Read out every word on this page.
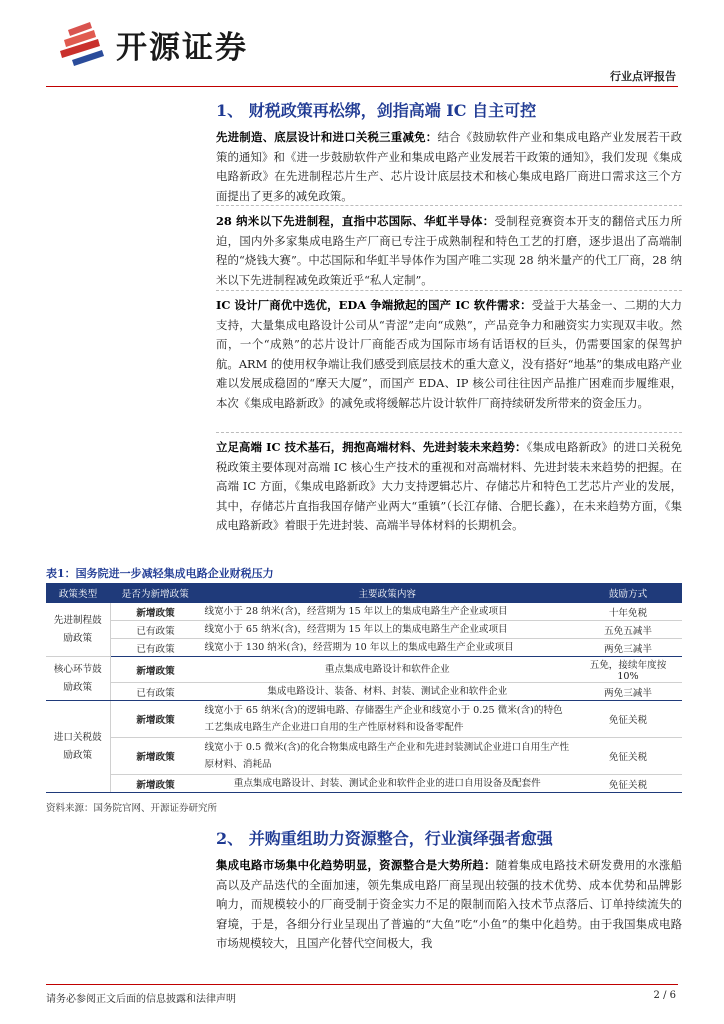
开源证券
行业点评报告
1、 财税政策再松绑，剑指高端 IC 自主可控
先进制造、底层设计和进口关税三重减免：结合《鼓励软件产业和集成电路产业发展若干政策的通知》和《进一步鼓励软件产业和集成电路产业发展若干政策的通知》，我们发现《集成电路新政》在先进制程芯片生产、芯片设计底层技术和核心集成电路厂商进口需求这三个方面提出了更多的减免政策。
28 纳米以下先进制程，直指中芯国际、华虹半导体：受制程竞赛资本开支的翻倍式压力所迫，国内外多家集成电路生产厂商已专注于成熟制程和特色工艺的打磨，逐步退出了高端制程的“烧钱大赛”。中芯国际和华虹半导体作为国产唯二实现 28 纳米量产的代工厂商，28 纳米以下先进制程减免政策近乎“私人定制”。
IC 设计厂商优中选优，EDA 争端掀起的国产 IC 软件需求：受益于大基金一、二期的大力支持，大量集成电路设计公司从“青涩”走向“成熟”，产品竞争力和融资实力实现双丰收。然而，一个“成熟”的芯片设计厂商能否成为国际市场有话语权的巨头，仍需要国家的保驾护航。ARM 的使用权争端让我们感受到底层技术的重大意义，没有搭好“地基”的集成电路产业难以发展成稳固的“摩天大厦”，而国产 EDA、IP 核公司往往因产品推广困难而步履维艰，本次《集成电路新政》的减免或将缓解芯片设计软件厂商持续研发所带来的资金压力。
立足高端 IC 技术基石，拥抱高端材料、先进封装未来趋势：《集成电路新政》的进口关税免税政策主要体现对高端 IC 核心生产技术的重视和对高端材料、先进封装未来趋势的把握。在高端 IC 方面，《集成电路新政》大力支持逻辑芯片、存储芯片和特色工艺芯片产业的发展，其中，存储芯片直指我国存储产业两大“重镇”（长江存储、合肥长鑫），在未来趋势方面，《集成电路新政》着眼于先进封装、高端半导体材料的长期机会。
表1：国务院进一步减轻集成电路企业财税压力
政策类型	是否为新增政策	主要政策内容	鼓励方式
先进制程鼓励政策	新增政策	线宽小于 28 纳米(含)，经营期为 15 年以上的集成电路生产企业或项目	十年免税
	已有政策	线宽小于 65 纳米(含)，经营期为 15 年以上的集成电路生产企业或项目	五免五减半
	已有政策	线宽小于 130 纳米(含)，经营期为 10 年以上的集成电路生产企业或项目	两免三减半
核心环节鼓励政策	新增政策	重点集成电路设计和软件企业	五免，接续年度按 10%
	已有政策	集成电路设计、装备、材料、封装、测试企业和软件企业	两免三减半
进口关税鼓励政策	新增政策	线宽小于 65 纳米(含)的逻辑电路、存储器生产企业和线宽小于 0.25 微米(含)的特色工艺集成电路生产企业进口自用的生产性原材料和设备零配件	免征关税
	新增政策	线宽小于 0.5 微米(含)的化合物集成电路生产企业和先进封装测试企业进口自用生产性原材料、消耗品	免征关税
	新增政策	重点集成电路设计、封装、测试企业和软件企业的进口自用设备及配套件	免征关税
资料来源：国务院官网、开源证券研究所
2、 并购重组助力资源整合，行业演绎强者愈强
集成电路市场集中化趋势明显，资源整合是大势所趋：随着集成电路技术研发费用的水涨船高以及产品迭代的全面加速，领先集成电路厂商呈现出较强的技术优势、成本优势和品牌影响力，而规模较小的厂商受制于资金实力不足的限制而陷入技术节点落后、订单持续流失的窘境，于是，各细分行业呈现出了普遍的“大鱼”吃“小鱼”的集中化趋势。由于我国集成电路市场规模较大，且国产化替代空间极大，我
请务必参阅正文后面的信息披露和法律声明	2 / 6
